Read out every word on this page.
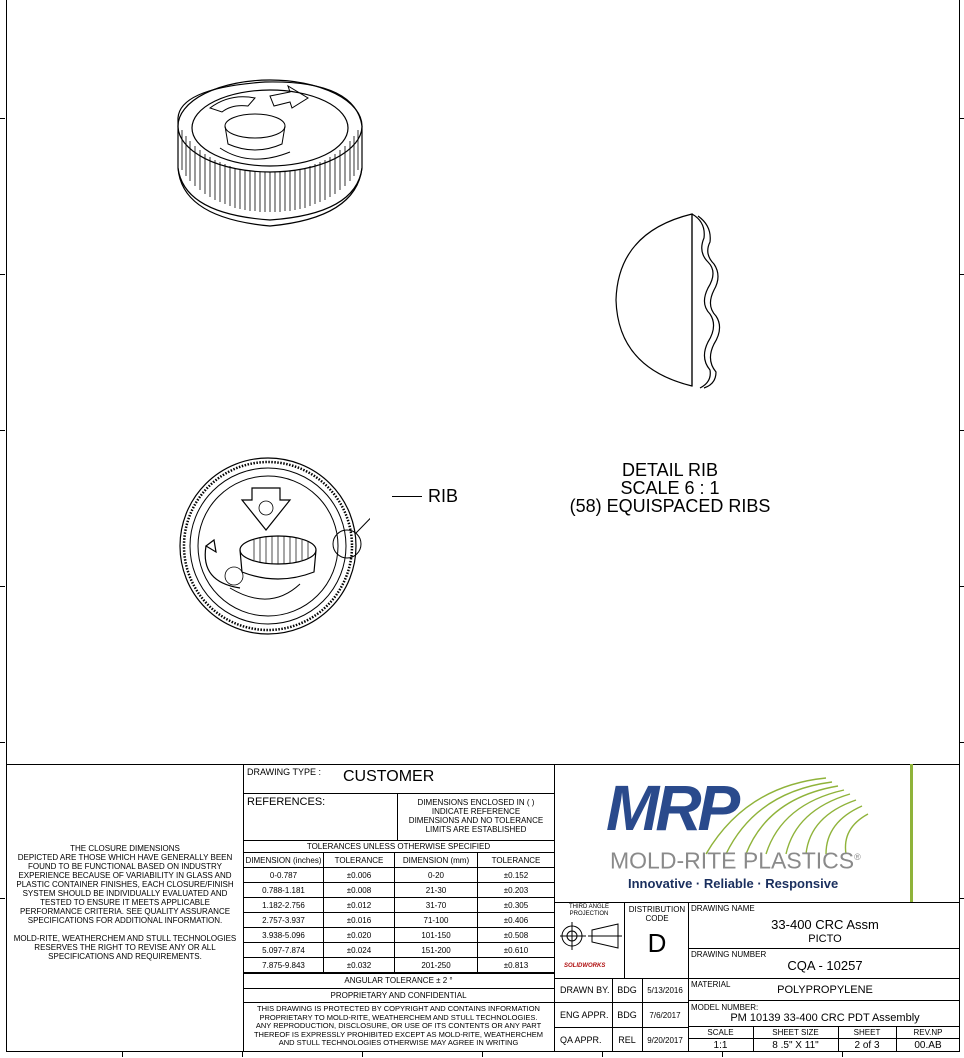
RIB
DETAIL RIB
SCALE 6 : 1
(58) EQUISPACED RIBS
THE CLOSURE DIMENSIONS
DEPICTED ARE THOSE WHICH HAVE GENERALLY BEEN
FOUND TO BE FUNCTIONAL BASED ON INDUSTRY
EXPERIENCE BECAUSE OF VARIABILITY IN GLASS AND
PLASTIC CONTAINER FINISHES, EACH CLOSURE/FINISH
SYSTEM SHOULD BE INDIVIDUALLY EVALUATED AND
TESTED TO ENSURE IT MEETS APPLICABLE
PERFORMANCE CRITERIA. SEE QUALITY ASSURANCE
SPECIFICATIONS FOR ADDITIONAL INFORMATION.
MOLD-RITE, WEATHERCHEM AND STULL TECHNOLOGIES
RESERVES THE RIGHT TO REVISE ANY OR ALL
SPECIFICATIONS AND REQUIREMENTS.
DRAWING TYPE : CUSTOMER
REFERENCES:	DIMENSIONS ENCLOSED IN ( )
INDICATE REFERENCE
DIMENSIONS AND NO TOLERANCE
LIMITS ARE ESTABLISHED
TOLERANCES UNLESS OTHERWISE SPECIFIED
DIMENSION (inches)	TOLERANCE	DIMENSION (mm)	TOLERANCE
0-0.787	±0.006	0-20	±0.152
0.788-1.181	±0.008	21-30	±0.203
1.182-2.756	±0.012	31-70	±0.305
2.757-3.937	±0.016	71-100	±0.406
3.938-5.096	±0.020	101-150	±0.508
5.097-7.874	±0.024	151-200	±0.610
7.875-9.843	±0.032	201-250	±0.813
ANGULAR TOLERANCE ± 2 °
PROPRIETARY AND CONFIDENTIAL
THIS DRAWING IS PROTECTED BY COPYRIGHT AND CONTAINS INFORMATION
PROPRIETARY TO MOLD-RITE, WEATHERCHEM AND STULL TECHNOLOGIES.
ANY REPRODUCTION, DISCLOSURE, OR USE OF ITS CONTENTS OR ANY PART
THEREOF IS EXPRESSLY PROHIBITED EXCEPT AS MOLD-RITE, WEATHERCHEM
AND STULL TECHNOLOGIES OTHERWISE MAY AGREE IN WRITING
MRP
MOLD-RITE PLASTICS®
Innovative · Reliable · Responsive
THIRD ANGLE PROJECTION
SOLIDWORKS
DISTRIBUTION CODE
D
DRAWING NAME
33-400 CRC Assm
PICTO
DRAWING NUMBER
CQA - 10257
DRAWN BY. BDG	5/13/2016
ENG APPR. BDG	7/6/2017
QA APPR.	REL	9/20/2017
MATERIAL	POLYPROPYLENE
MODEL NUMBER:
PM 10139 33-400 CRC PDT Assembly
SCALE	SHEET SIZE	SHEET	REV.NP
1:1	8 .5" X 11"	2 of 3	00.AB
